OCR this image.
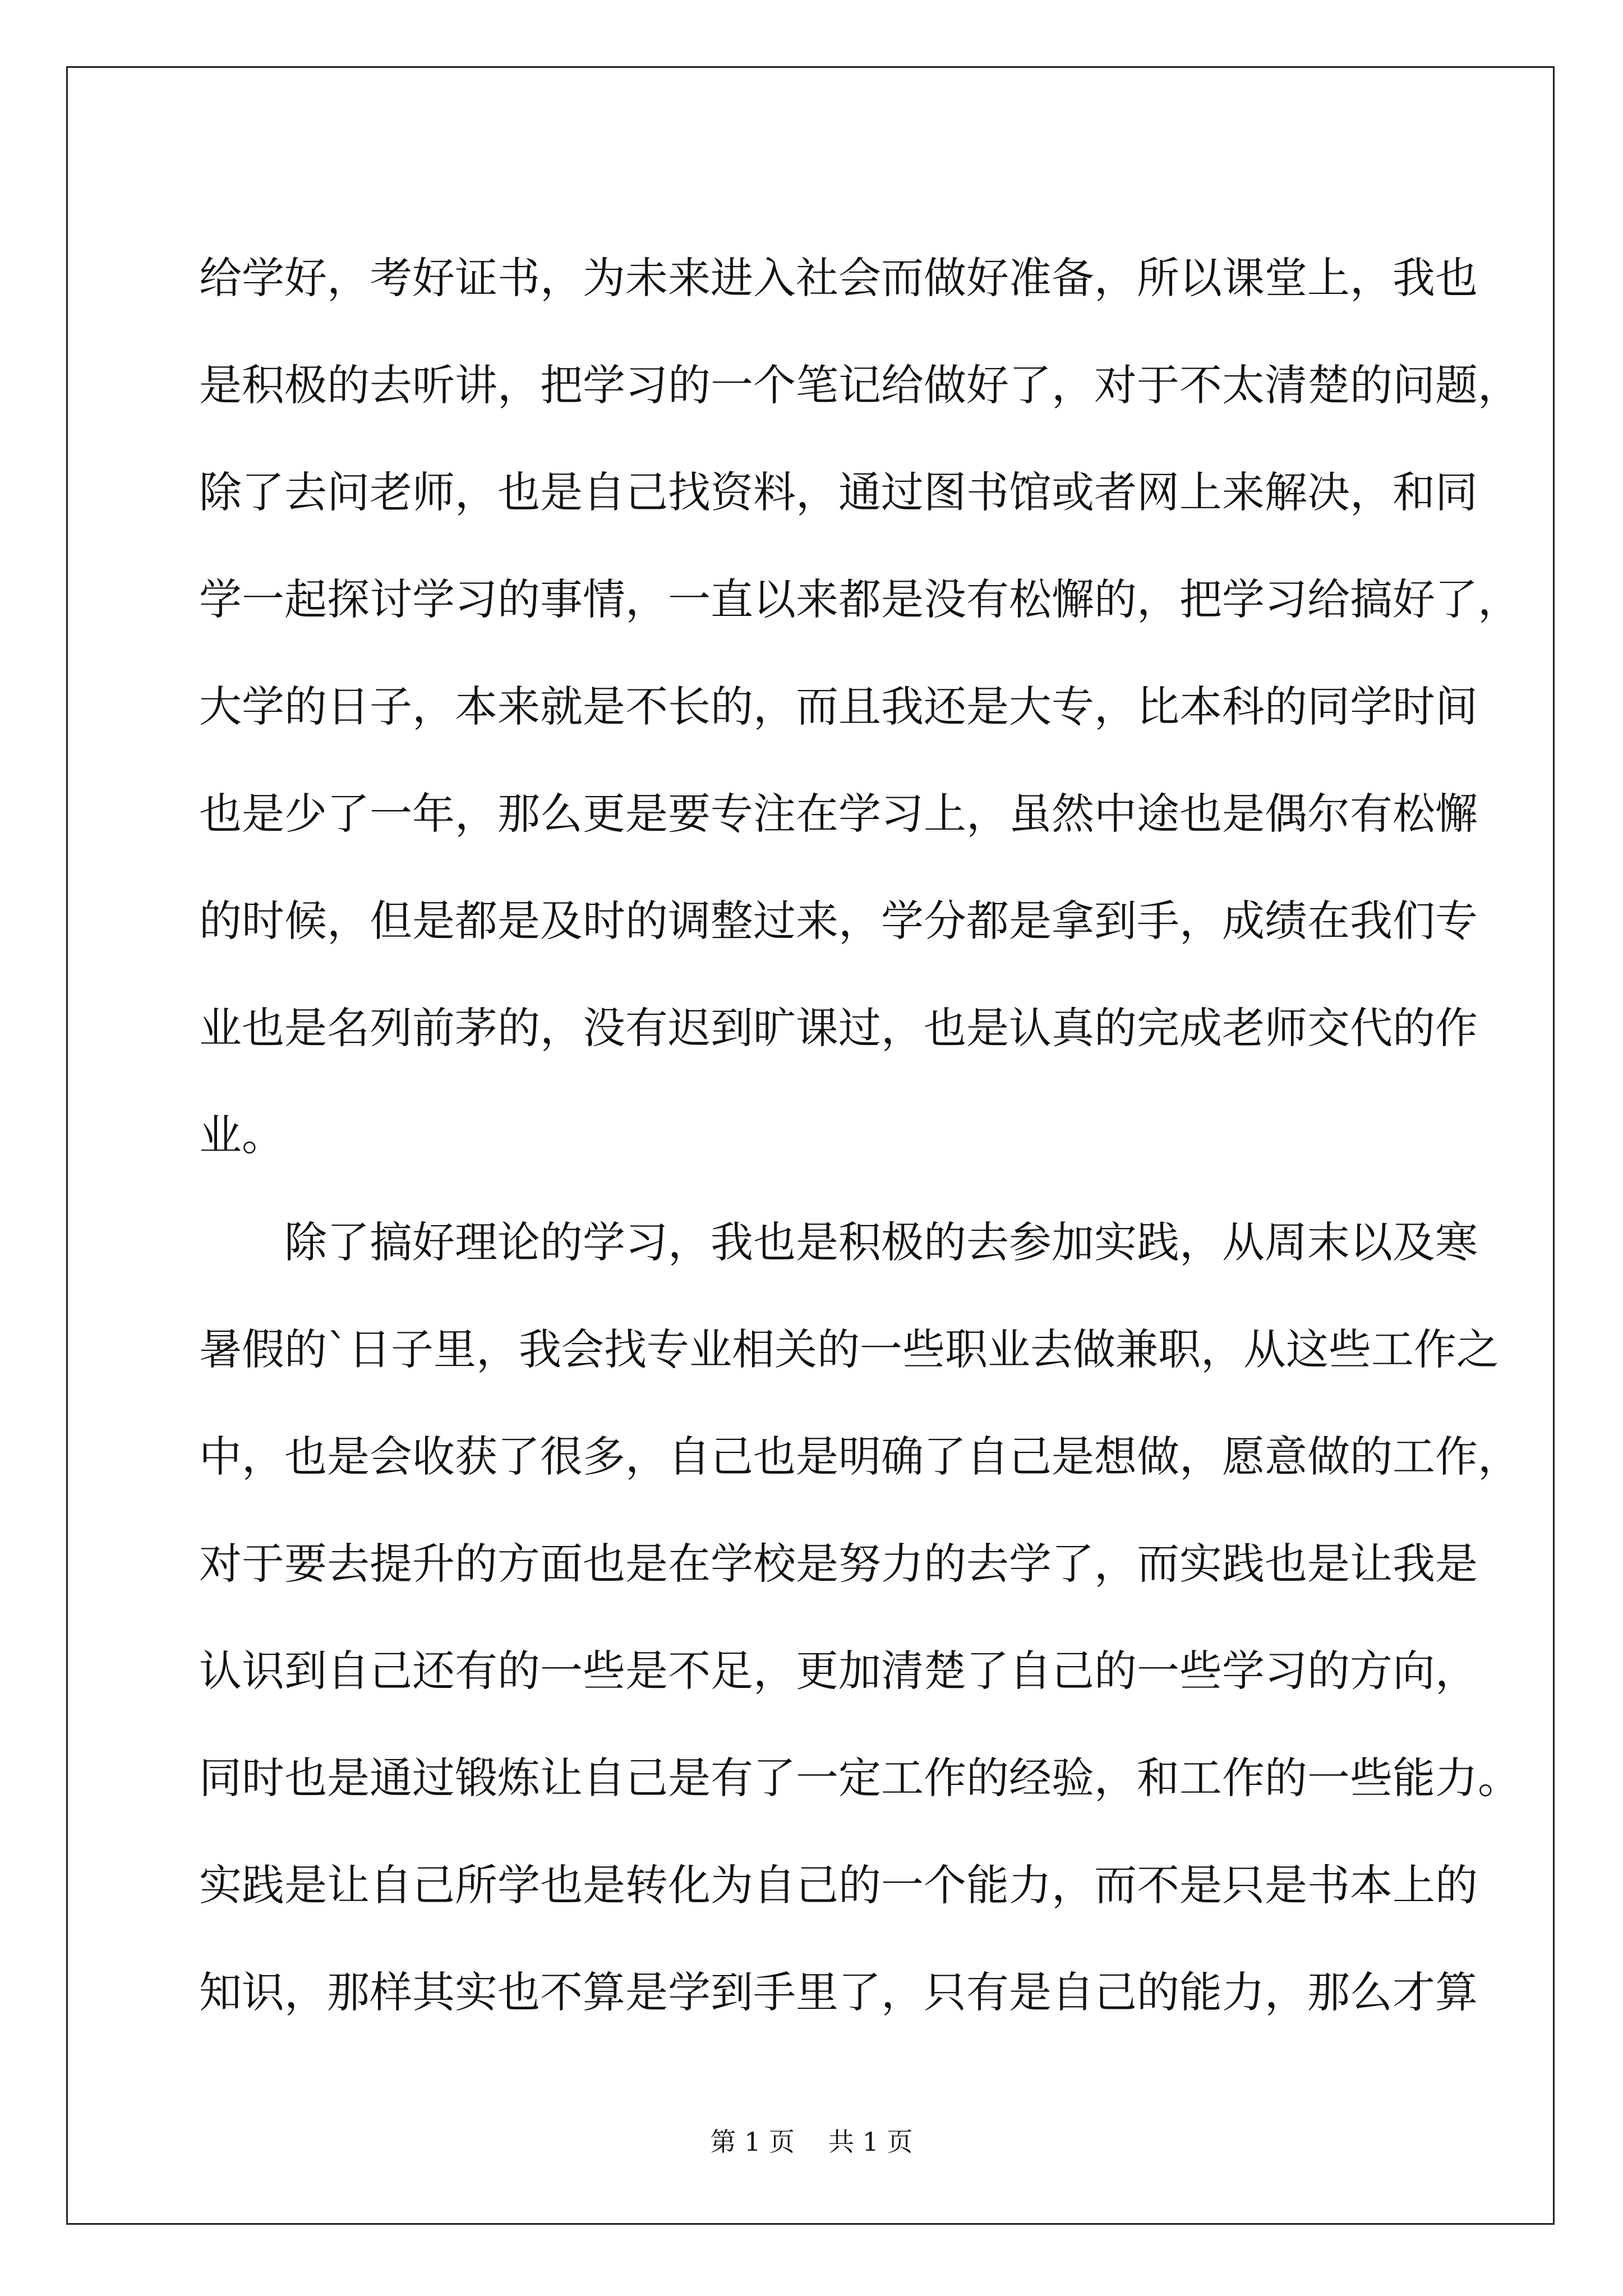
给学好，考好证书，为未来进入社会而做好准备，所以课堂上，我也
是积极的去听讲，把学习的一个笔记给做好了，对于不太清楚的问题，
除了去问老师，也是自己找资料，通过图书馆或者网上来解决，和同
学一起探讨学习的事情，一直以来都是没有松懈的，把学习给搞好了，
大学的日子，本来就是不长的，而且我还是大专，比本科的同学时间
也是少了一年，那么更是要专注在学习上，虽然中途也是偶尔有松懈
的时候，但是都是及时的调整过来，学分都是拿到手，成绩在我们专
业也是名列前茅的，没有迟到旷课过，也是认真的完成老师交代的作
业。
　　除了搞好理论的学习，我也是积极的去参加实践，从周末以及寒
暑假的`日子里，我会找专业相关的一些职业去做兼职，从这些工作之
中，也是会收获了很多，自己也是明确了自己是想做，愿意做的工作，
对于要去提升的方面也是在学校是努力的去学了，而实践也是让我是
认识到自己还有的一些是不足，更加清楚了自己的一些学习的方向，
同时也是通过锻炼让自己是有了一定工作的经验，和工作的一些能力。
实践是让自己所学也是转化为自己的一个能力，而不是只是书本上的
知识，那样其实也不算是学到手里了，只有是自己的能力，那么才算
第 1 页 共 1 页
